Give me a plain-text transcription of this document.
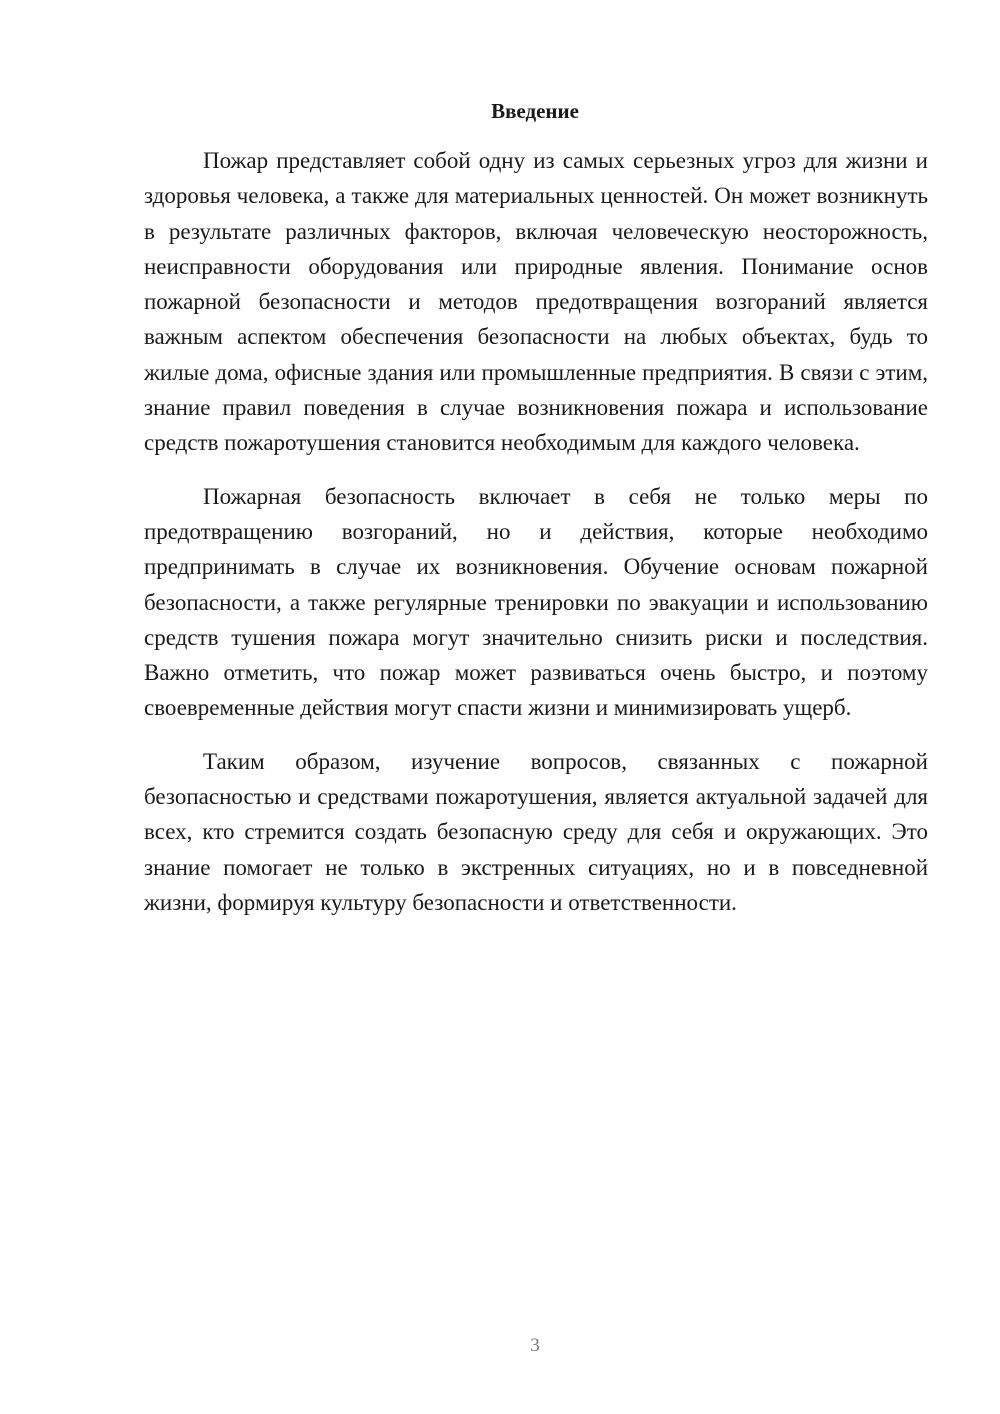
Введение

Пожар представляет собой одну из самых серьезных угроз для жизни и здоровья человека, а также для материальных ценностей. Он может возникнуть в результате различных факторов, включая человеческую неосторожность, неисправности оборудования или природные явления. Понимание основ пожарной безопасности и методов предотвращения возгораний является важным аспектом обеспечения безопасности на любых объектах, будь то жилые дома, офисные здания или промышленные предприятия. В связи с этим, знание правил поведения в случае возникновения пожара и использование средств пожаротушения становится необходимым для каждого человека.

Пожарная безопасность включает в себя не только меры по предотвращению возгораний, но и действия, которые необходимо предпринимать в случае их возникновения. Обучение основам пожарной безопасности, а также регулярные тренировки по эвакуации и использованию средств тушения пожара могут значительно снизить риски и последствия. Важно отметить, что пожар может развиваться очень быстро, и поэтому своевременные действия могут спасти жизни и минимизировать ущерб.

Таким образом, изучение вопросов, связанных с пожарной безопасностью и средствами пожаротушения, является актуальной задачей для всех, кто стремится создать безопасную среду для себя и окружающих. Это знание помогает не только в экстренных ситуациях, но и в повседневной жизни, формируя культуру безопасности и ответственности.

3
